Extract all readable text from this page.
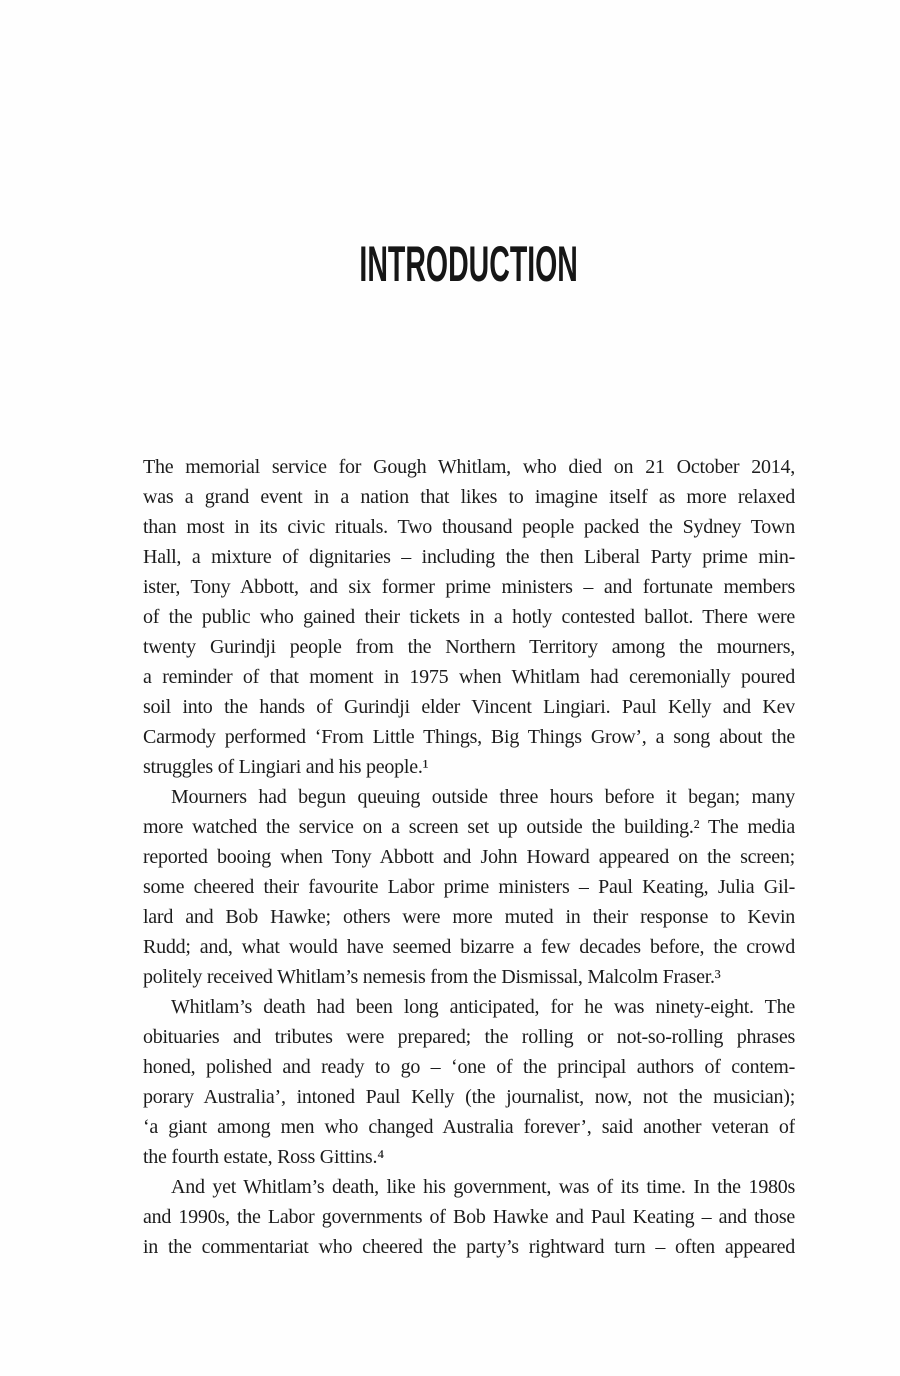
INTRODUCTION
The memorial service for Gough Whitlam, who died on 21 October 2014,
was a grand event in a nation that likes to imagine itself as more relaxed
than most in its civic rituals. Two thousand people packed the Sydney Town
Hall, a mixture of dignitaries – including the then Liberal Party prime min-
ister, Tony Abbott, and six former prime ministers – and fortunate members
of the public who gained their tickets in a hotly contested ballot. There were
twenty Gurindji people from the Northern Territory among the mourners,
a reminder of that moment in 1975 when Whitlam had ceremonially poured
soil into the hands of Gurindji elder Vincent Lingiari. Paul Kelly and Kev
Carmody performed ‘From Little Things, Big Things Grow’, a song about the
struggles of Lingiari and his people.¹
Mourners had begun queuing outside three hours before it began; many
more watched the service on a screen set up outside the building.² The media
reported booing when Tony Abbott and John Howard appeared on the screen;
some cheered their favourite Labor prime ministers – Paul Keating, Julia Gil-
lard and Bob Hawke; others were more muted in their response to Kevin
Rudd; and, what would have seemed bizarre a few decades before, the crowd
politely received Whitlam’s nemesis from the Dismissal, Malcolm Fraser.³
Whitlam’s death had been long anticipated, for he was ninety-eight. The
obituaries and tributes were prepared; the rolling or not-so-rolling phrases
honed, polished and ready to go – ‘one of the principal authors of contem-
porary Australia’, intoned Paul Kelly (the journalist, now, not the musician);
‘a giant among men who changed Australia forever’, said another veteran of
the fourth estate, Ross Gittins.⁴
And yet Whitlam’s death, like his government, was of its time. In the 1980s
and 1990s, the Labor governments of Bob Hawke and Paul Keating – and those
in the commentariat who cheered the party’s rightward turn – often appeared
